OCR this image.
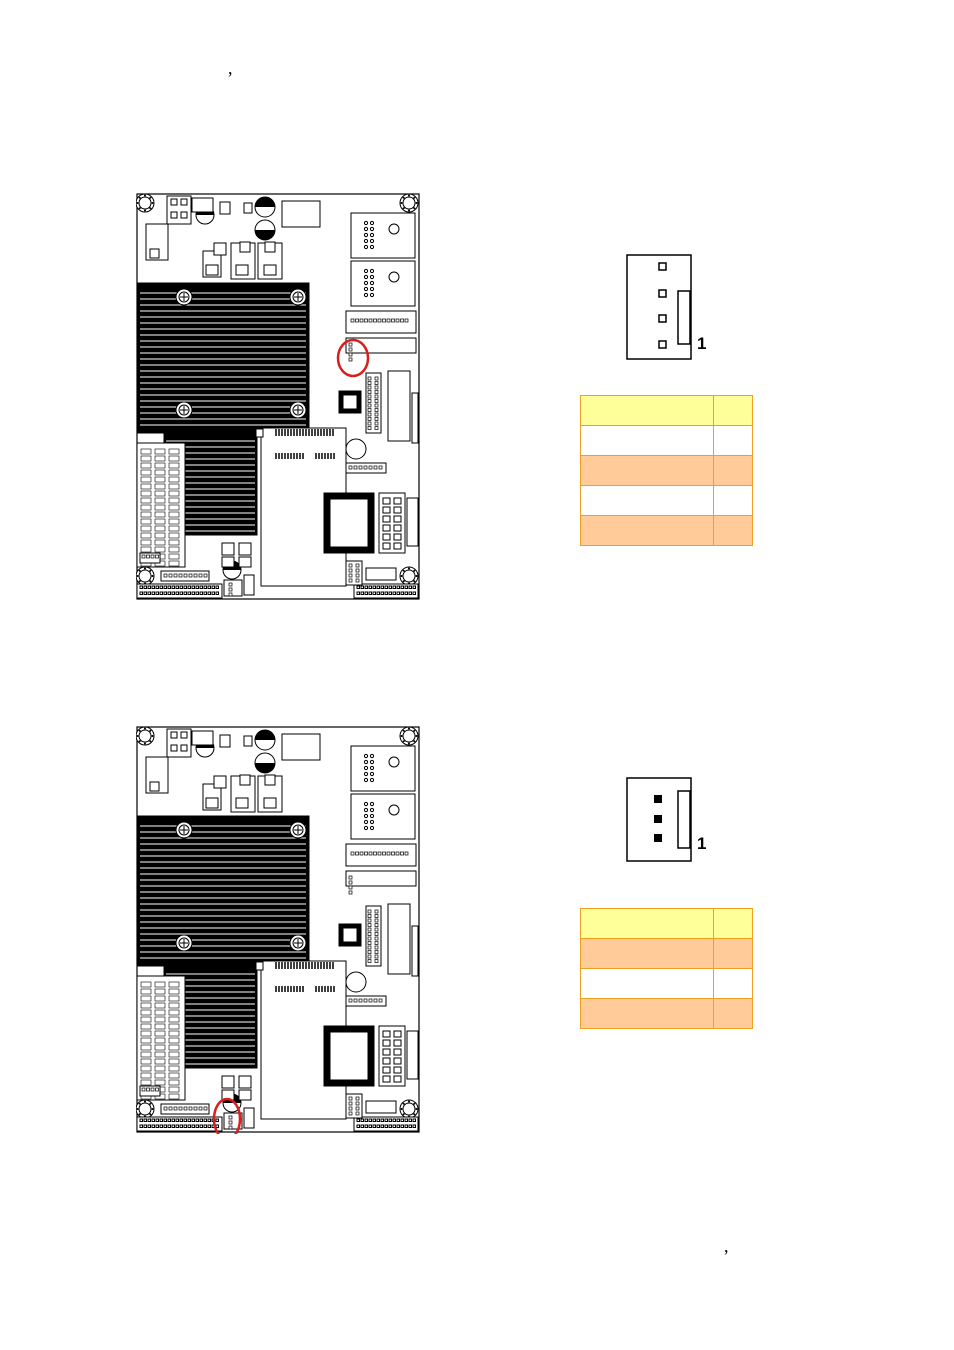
,
,
1

1
